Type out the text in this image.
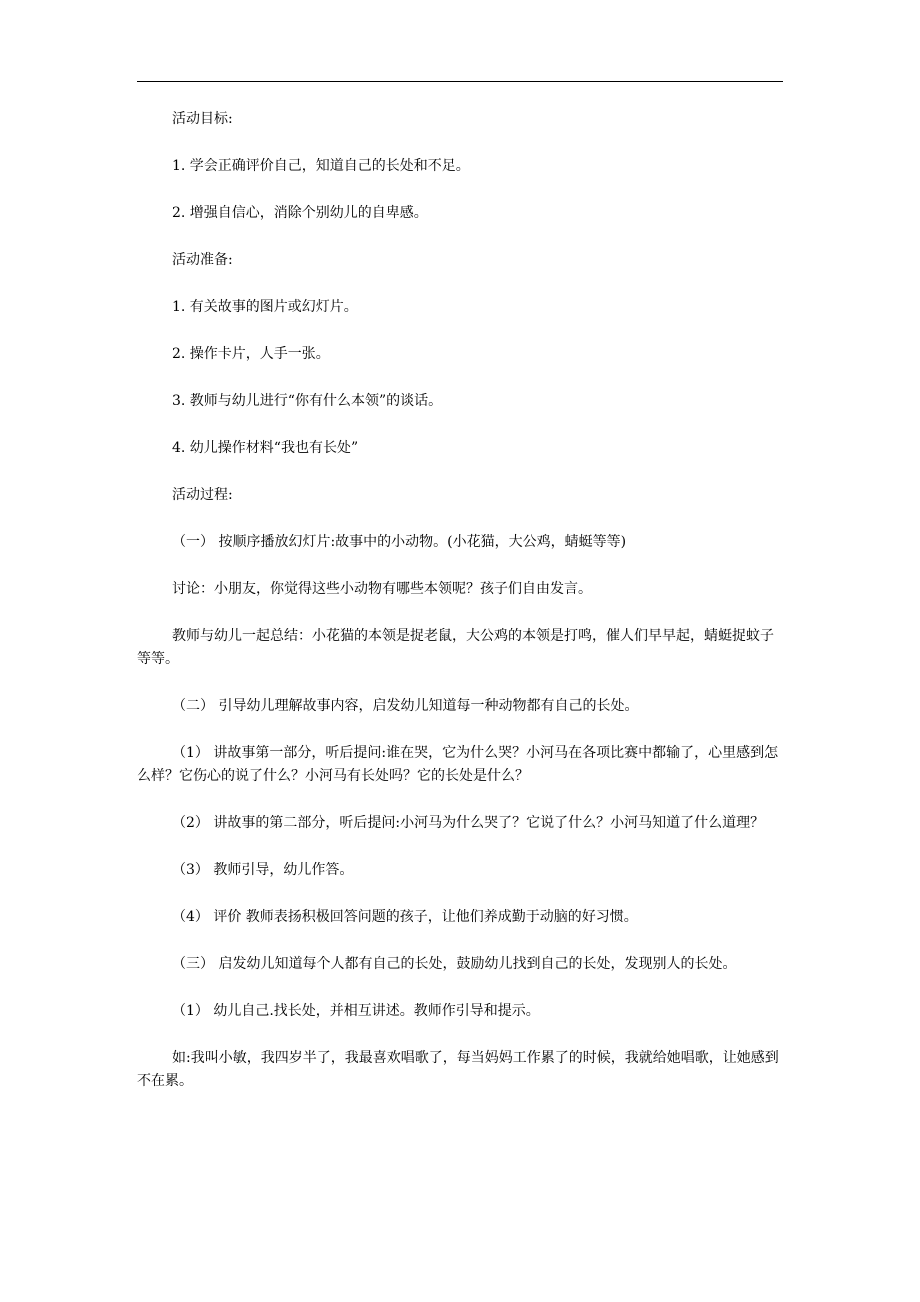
活动目标:

1. 学会正确评价自己，知道自己的长处和不足。

2. 增强自信心，消除个别幼儿的自卑感。

活动准备:

1. 有关故事的图片或幻灯片。

2. 操作卡片，人手一张。

3. 教师与幼儿进行“你有什么本领”的谈话。

4. 幼儿操作材料“我也有长处”

活动过程:

（一） 按顺序播放幻灯片:故事中的小动物。(小花猫，大公鸡，蜻蜓等等)

讨论：小朋友，你觉得这些小动物有哪些本领呢？孩子们自由发言。

教师与幼儿一起总结：小花猫的本领是捉老鼠，大公鸡的本领是打鸣，催人们早早起，蜻蜓捉蚊子等等。

（二） 引导幼儿理解故事内容，启发幼儿知道每一种动物都有自己的长处。

（1） 讲故事第一部分，听后提问:谁在哭，它为什么哭？小河马在各项比赛中都输了，心里感到怎么样？它伤心的说了什么？小河马有长处吗？它的长处是什么？

（2） 讲故事的第二部分，听后提问:小河马为什么哭了？它说了什么？小河马知道了什么道理？

（3） 教师引导，幼儿作答。

（4） 评价 教师表扬积极回答问题的孩子，让他们养成勤于动脑的好习惯。

（三） 启发幼儿知道每个人都有自己的长处，鼓励幼儿找到自己的长处，发现别人的长处。

（1） 幼儿自己.找长处，并相互讲述。教师作引导和提示。

如:我叫小敏，我四岁半了，我最喜欢唱歌了，每当妈妈工作累了的时候，我就给她唱歌，让她感到不在累。
